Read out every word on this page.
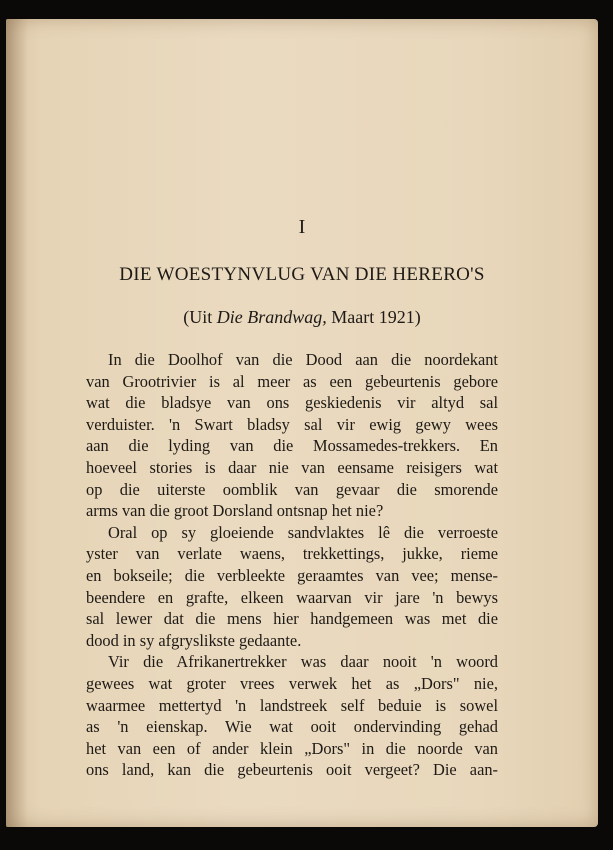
I
DIE WOESTYNVLUG VAN DIE HERERO'S
(Uit Die Brandwag, Maart 1921)
In die Doolhof van die Dood aan die noordekant
van Grootrivier is al meer as een gebeurtenis gebore
wat die bladsye van ons geskiedenis vir altyd sal
verduister. 'n Swart bladsy sal vir ewig gewy wees
aan die lyding van die Mossamedes-trekkers. En
hoeveel stories is daar nie van eensame reisigers wat
op die uiterste oomblik van gevaar die smorende
arms van die groot Dorsland ontsnap het nie?
Oral op sy gloeiende sandvlaktes lê die verroeste
yster van verlate waens, trekkettings, jukke, rieme
en bokseile; die verbleekte geraamtes van vee; mense-
beendere en grafte, elkeen waarvan vir jare 'n bewys
sal lewer dat die mens hier handgemeen was met die
dood in sy afgryslikste gedaante.
Vir die Afrikanertrekker was daar nooit 'n woord
gewees wat groter vrees verwek het as „Dors" nie,
waarmee mettertyd 'n landstreek self beduie is sowel
as 'n eienskap. Wie wat ooit ondervinding gehad
het van een of ander klein „Dors" in die noorde van
ons land, kan die gebeurtenis ooit vergeet? Die aan-
